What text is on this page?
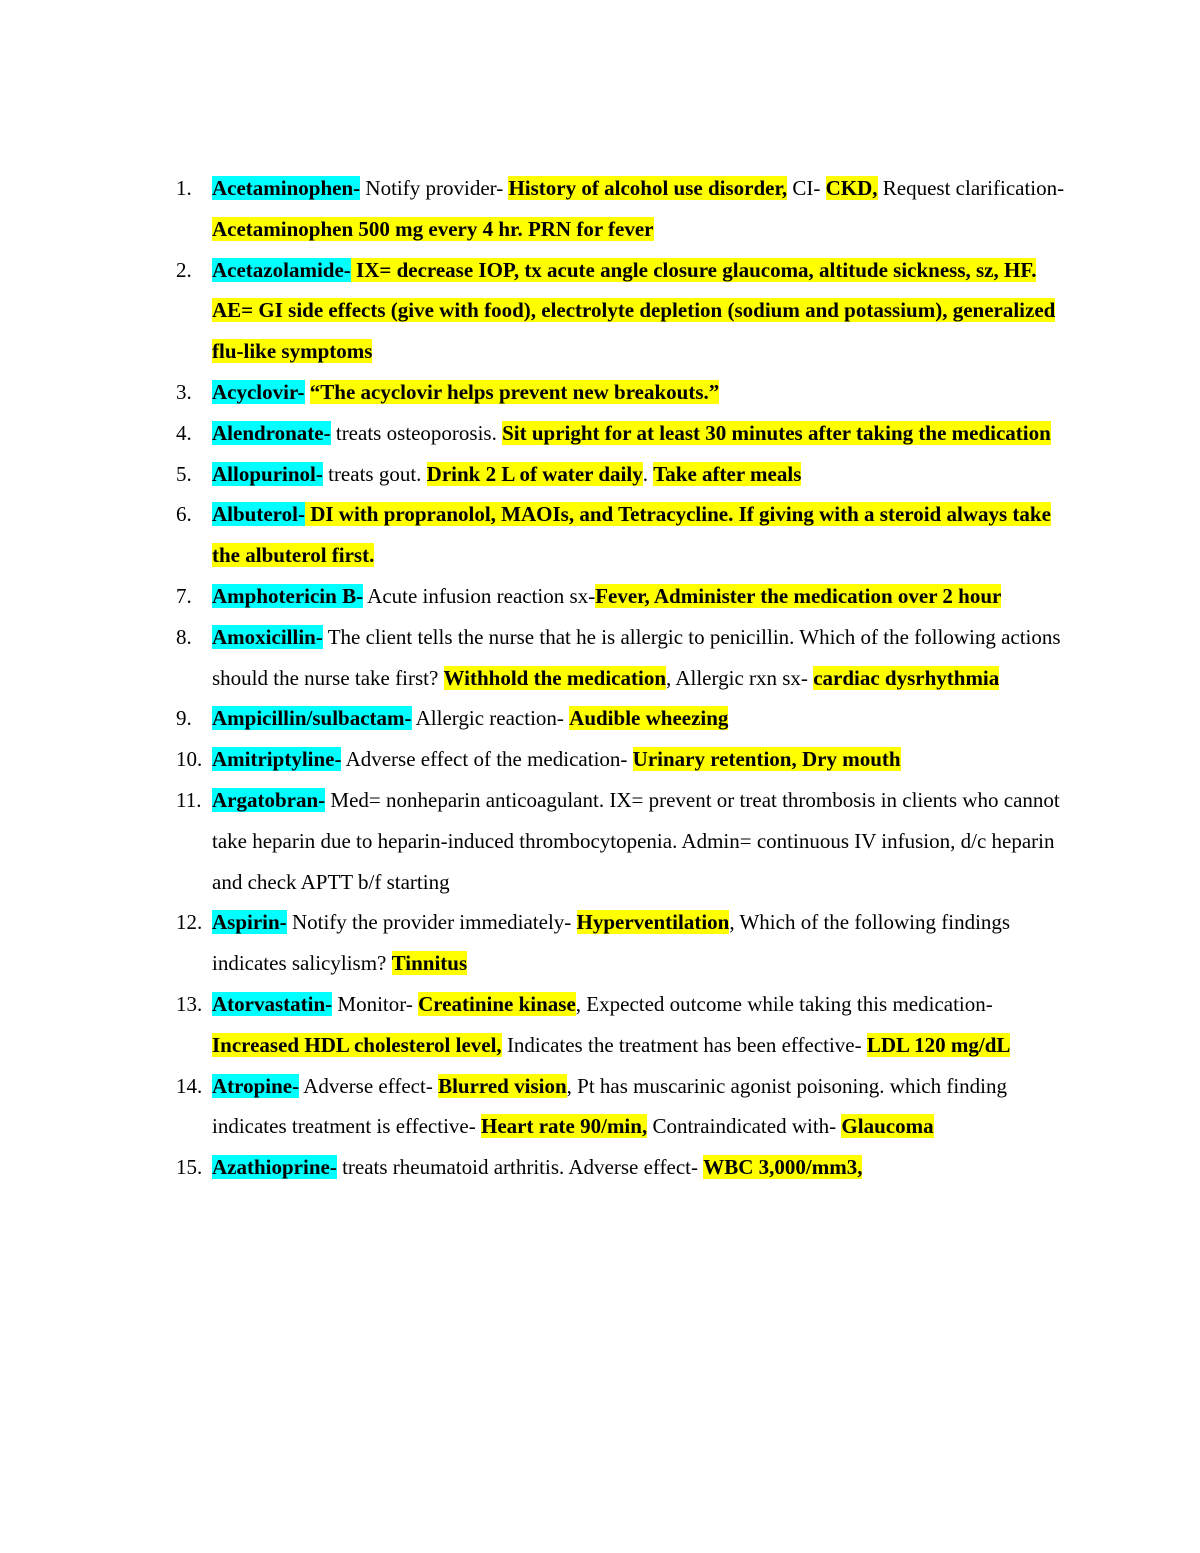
1. Acetaminophen- Notify provider- History of alcohol use disorder, CI- CKD, Request clarification- Acetaminophen 500 mg every 4 hr. PRN for fever
2. Acetazolamide- IX= decrease IOP, tx acute angle closure glaucoma, altitude sickness, sz, HF. AE= GI side effects (give with food), electrolyte depletion (sodium and potassium), generalized flu-like symptoms
3. Acyclovir- “The acyclovir helps prevent new breakouts.”
4. Alendronate- treats osteoporosis. Sit upright for at least 30 minutes after taking the medication
5. Allopurinol- treats gout. Drink 2 L of water daily. Take after meals
6. Albuterol- DI with propranolol, MAOIs, and Tetracycline. If giving with a steroid always take the albuterol first.
7. Amphotericin B- Acute infusion reaction sx-Fever, Administer the medication over 2 hour
8. Amoxicillin- The client tells the nurse that he is allergic to penicillin. Which of the following actions should the nurse take first? Withhold the medication, Allergic rxn sx- cardiac dysrhythmia
9. Ampicillin/sulbactam- Allergic reaction- Audible wheezing
10. Amitriptyline- Adverse effect of the medication- Urinary retention, Dry mouth
11. Argatobran- Med= nonheparin anticoagulant. IX= prevent or treat thrombosis in clients who cannot take heparin due to heparin-induced thrombocytopenia. Admin= continuous IV infusion, d/c heparin and check APTT b/f starting
12. Aspirin- Notify the provider immediately- Hyperventilation, Which of the following findings indicates salicylism? Tinnitus
13. Atorvastatin- Monitor- Creatinine kinase, Expected outcome while taking this medication- Increased HDL cholesterol level, Indicates the treatment has been effective- LDL 120 mg/dL
14. Atropine- Adverse effect- Blurred vision, Pt has muscarinic agonist poisoning. which finding indicates treatment is effective- Heart rate 90/min, Contraindicated with- Glaucoma
15. Azathioprine- treats rheumatoid arthritis. Adverse effect- WBC 3,000/mm3,
